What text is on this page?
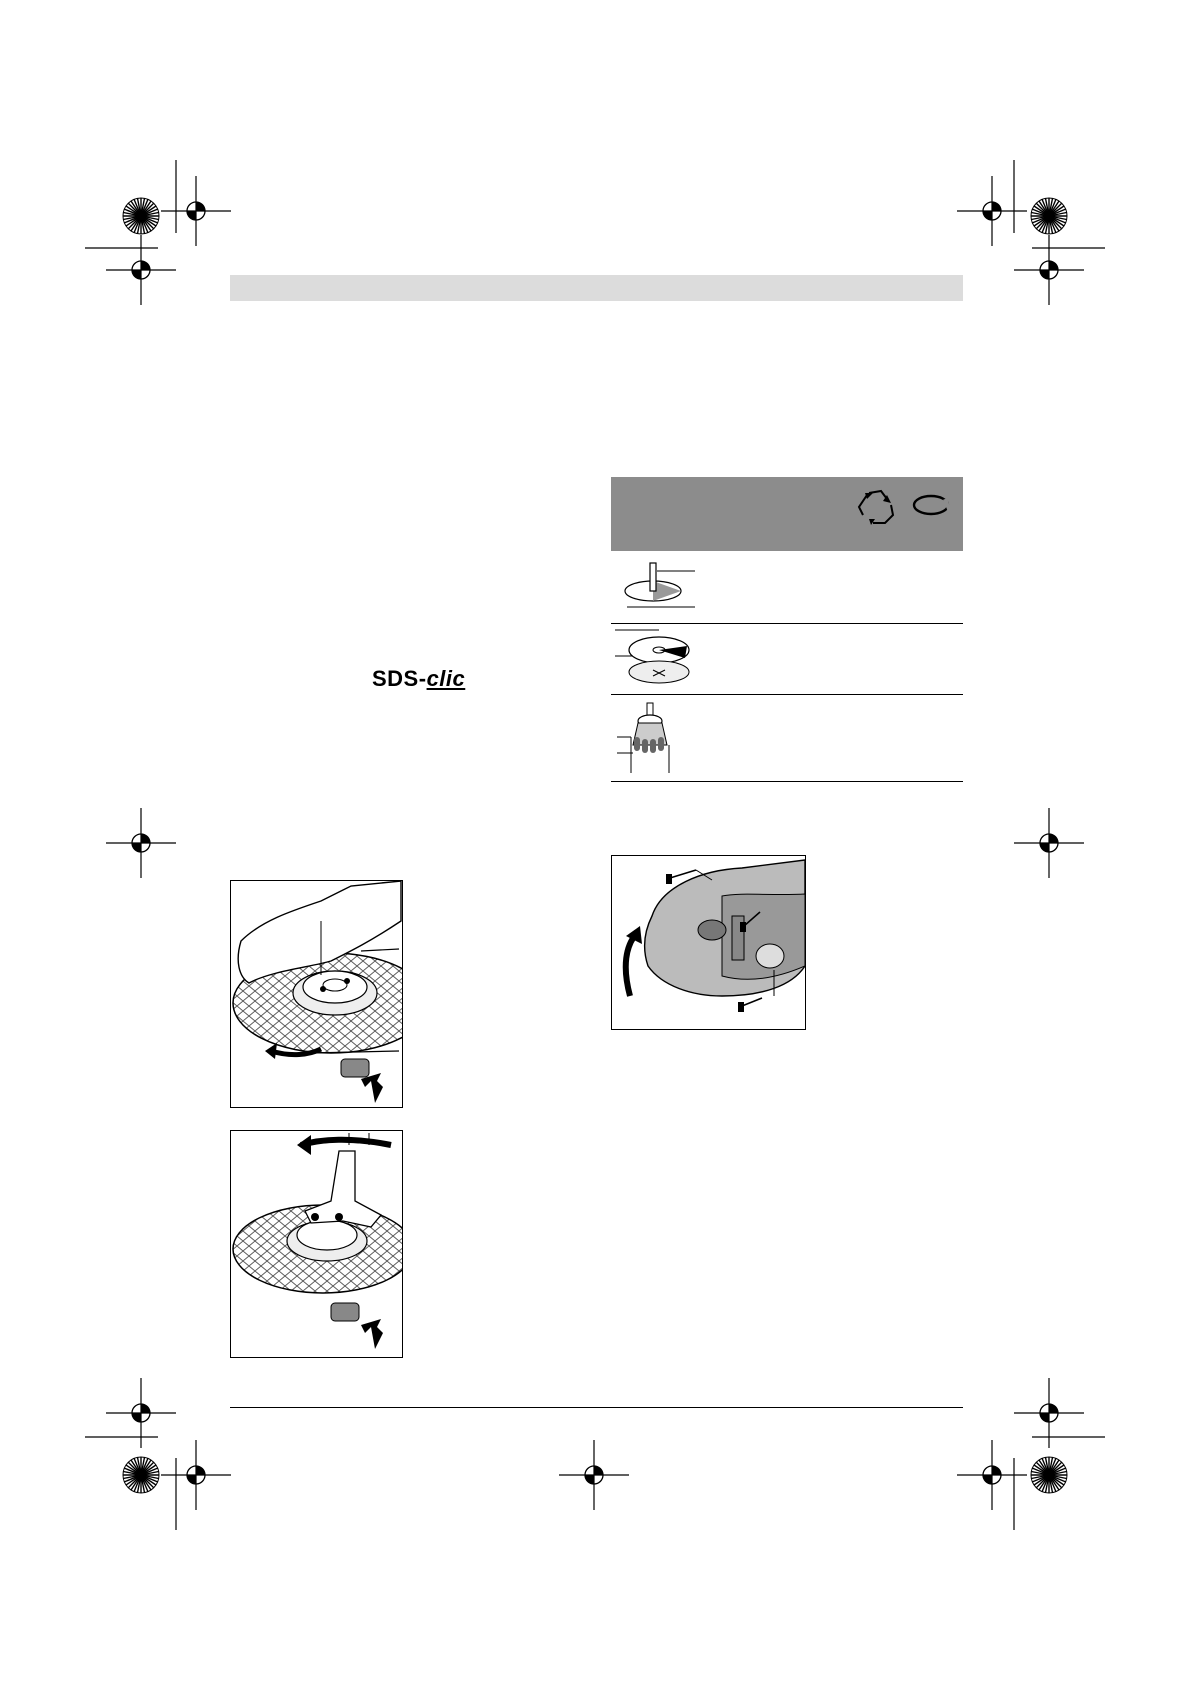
SDS-clic
